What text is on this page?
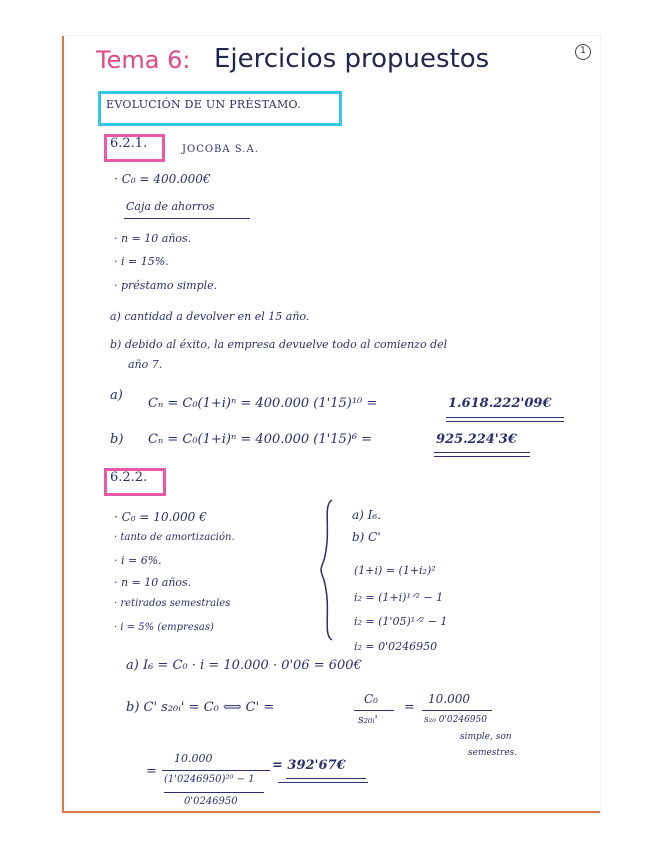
1
Tema 6: Ejercicios propuestos
EVOLUCIÓN DE UN PRÉSTAMO.
6.2.1.	JOCOBA S.A.
· C₀ = 400.000€
Caja de ahorros
· n = 10 años.
· i = 15%.
· préstamo simple.
a) cantidad a devolver en el 15 año.
b) debido al éxito, la empresa devuelve todo al comienzo del
año 7.
a)
Cₙ = C₀(1+i)ⁿ = 400.000 (1'15)¹⁰ =	1.618.222'09€
b) Cₙ = C₀(1+i)ⁿ = 400.000 (1'15)⁶ =	925.224'3€
6.2.2.
· C₀ = 10.000 €
· tanto de amortización.
· i = 6%.
· n = 10 años.
· retirados semestrales
· i = 5% (empresas)
a) I₆.
b) C'
(1+i) = (1+i₂)²
i₂ = (1+i)¹ᐟ² − 1
i₂ = (1'05)¹ᐟ² − 1
i₂ = 0'0246950
a) I₆ = C₀ · i = 10.000 · 0'06 = 600€
b) C' s₂₀ᵢ' = C₀ ⟺ C' =
C₀
s₂₀ᵢ'
=
10.000
s₂₀ 0'0246950
simple, son
semestres.
=
10.000
(1'0246950)²⁰ − 1
0'0246950
= 392'67€
